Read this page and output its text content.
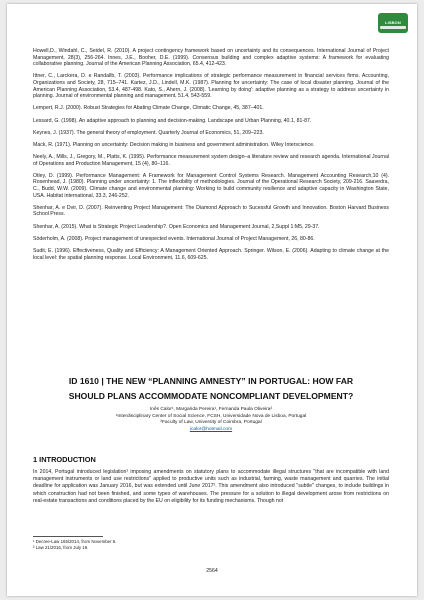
LISBON

Howell,D., Windahl, C., Seidel, R. (2010). A project contingency framework based on uncertainty and its consequences. International Journal of Project Management, 28(3), 256-264. Innes, J.E., Booher, D.E. (1999). Consensus building and complex adaptive systems: A framework for evaluating collaborative planning. Journal of the American Planning Association, 65.4, 412-423.

Ittner, C., Larckera, D. e Randallb, T. (2003). Performance implications of strategic performance measurement in financial services firms. Accounting, Organizations and Society, 28, 715–741. Kartez, J.D., Lindell, M.K. (1987). Planning for uncertainty: The case of local disaster planning. Journal of the American Planning Association, 53.4, 487-498. Kato, S., Ahern, J. (2008). 'Learning by doing': adaptive planning as a strategy to address uncertainty in planning. Journal of environmental planning and management, 51.4, 543-559.

Lempert, R.J. (2000). Robust Strategies for Abating Climate Change, Climatic Change, 45, 387–401.

Lessard, G. (1998). An adaptive approach to planning and decision-making. Landscape and Urban Planning, 40.1, 81-87.

Keynes, J. (1937). The general theory of employment. Quarterly Journal of Economics, 51, 209–223.

Mack, R. (1971). Planning on uncertainty: Decision making in business and government administration. Wiley Interscience.

Neely, A., Mills, J., Gregory, M., Platts, K. (1995). Performance measurement system design–a literature review and research agenda. International Journal of Operations and Production Management, 15 (4), 80–116.

Otley, D. (1999). Performance Management: A Framework for Management Control Systems Research. Management Accounting Research,10 (4). Rosenhead, J. (1980). Planning under uncertainty: 1. The inflexibility of methodologies. Journal of the Operational Research Society, 209-216. Saavedra, C., Budd, W.W. (2009). Climate change and environmental planning: Working to build community resilience and adaptive capacity in Washington State, USA. Habitat international, 33.3, 246-252.

Shenhar, A. e Dvir, D. (2007). Reinventing Project Management: The Diamond Approach to Sucessful Growth and Innovation. Boston Harvard Business School Press.

Shenhar, A. (2015). What is Strategic Project Leadership?. Open Economics and Management Journal, 2,Suppl 1:M5, 29-37.

Söderholm, A. (2008). Project management of unexpected events. International Journal of Project Management, 26, 80-86.

Sudit, E. (1996). Effectiveness, Quality and Efficiency: A Management Oriented Approach. Springer. Wilson, E. (2006). Adapting to climate change at the local level: the spatial planning response. Local Environment, 11.6, 609-625.

ID 1610 | THE NEW “PLANNING AMNESTY” IN PORTUGAL: HOW FAR
SHOULD PLANS ACCOMMODATE NONCOMPLIANT DEVELOPMENT?
Inês Calor¹, Margarida Pereira¹, Fernanda Paula Oliveira²
¹Interdisciplinary Center of Social Science, FCSH, Universidade Nova de Lisboa, Portugal
²Faculty of Law, University of Coimbra, Portugal
icalor@hotmail.com
1 INTRODUCTION
In 2014, Portugal introduced legislation¹ imposing amendments on statutory plans to accommodate illegal structures "that are incompatible with land management instruments or land use restrictions" applied to productive units such as industrial, farming, waste management and quarries. The initial deadline for application was January 2016, but was extended until June 2017². This amendment also introduced "subtle" changes, to include buildings in which construction had not been finished, and some types of warehouses. The pressure for a solution to illegal development arose from restrictions on real-estate transactions and conditions placed by the EU on eligibility for its funding mechanisms. Though not
¹ Decree-Law 165/2014, from November 5.
² Law 21/2016, from July 19.
2564
